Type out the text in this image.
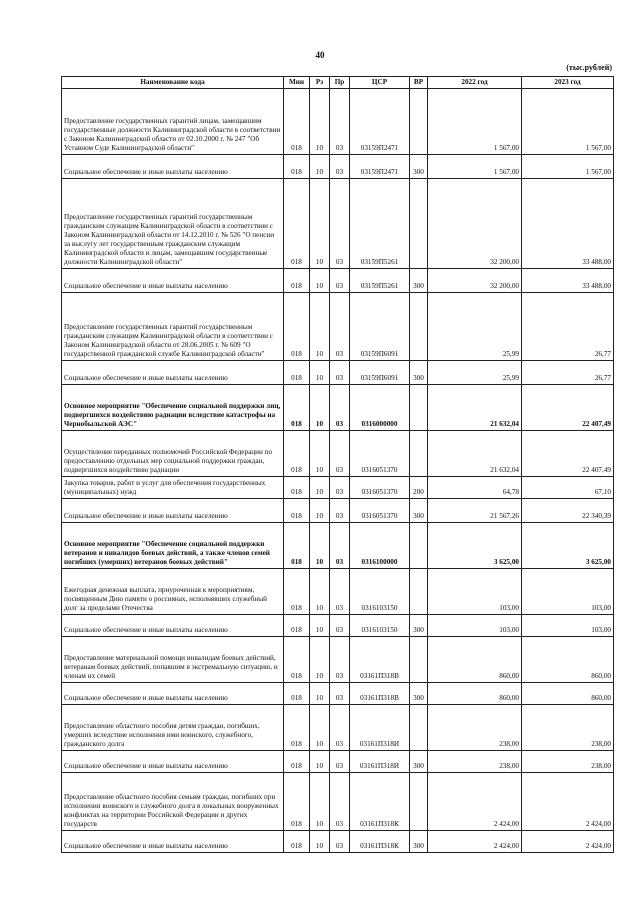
40
(тыс.рублей)
Наименование кода	Мин	Рз	Пр	ЦСР	ВР	2022 год	2023 год
Предоставление государственных гарантий лицам, замещавшим государственные должности Калининградской области в соответствии с Законом Калининградской области от 02.10.2000 г. № 247 "Об Уставном Суде Калининградской области"	018	10	03	03159П2471		1 567,00	1 567,00
Социальное обеспечение и иные выплаты населению	018	10	03	03159П2471	300	1 567,00	1 567,00
Предоставление государственных гарантий государственным гражданским служащим Калининградской области в соответствии с Законом Калининградской области от 14.12.2010 г. № 526 "О пенсии за выслугу лет государственным гражданским служащим Калининградской области и лицам, замещавшим государственные должности Калининградской области"	018	10	03	03159П5261		32 200,00	33 488,00
Социальное обеспечение и иные выплаты населению	018	10	03	03159П5261	300	32 200,00	33 488,00
Предоставление государственных гарантий государственным гражданским служащим Калининградской области в соответствии с Законом Калининградской области от 28.06.2005 г. № 609 "О государственной гражданской службе Калининградской области"	018	10	03	03159П6091		25,99	26,77
Социальное обеспечение и иные выплаты населению	018	10	03	03159П6091	300	25,99	26,77
Основное мероприятие "Обеспечение социальной поддержки лиц, подвергшихся воздействию радиации вследствие катастрофы на Чернобыльской АЭС"	018	10	03	0316000000		21 632,04	22 407,49
Осуществление переданных полномочий Российской Федерации по предоставлению отдельных мер социальной поддержки граждан, подвергшихся воздействию радиации	018	10	03	0316051370		21 632,04	22 407,49
Закупка товаров, работ и услуг для обеспечения государственных (муниципальных) нужд	018	10	03	0316051370	200	64,78	67,10
Социальное обеспечение и иные выплаты населению	018	10	03	0316051370	300	21 567,26	22 340,39
Основное мероприятие "Обеспечение социальной поддержки ветеранов и инвалидов боевых действий, а также членов семей погибших (умерших) ветеранов боевых действий"	018	10	03	0316100000		3 625,00	3 625,00
Ежегодная денежная выплата, приуроченная к мероприятиям, посвященным Дню памяти о россиянах, исполнявших служебный долг за пределами Отечества	018	10	03	0316103150		103,00	103,00
Социальное обеспечение и иные выплаты населению	018	10	03	0316103150	300	103,00	103,00
Предоставление материальной помощи инвалидам боевых действий, ветеранам боевых действий, попавшим в экстремальную ситуацию, и членам их семей	018	10	03	03161П318В		860,00	860,00
Социальное обеспечение и иные выплаты населению	018	10	03	03161П318В	300	860,00	860,00
Предоставление областного пособия детям граждан, погибших, умерших вследствие исполнения ими воинского, служебного, гражданского долга	018	10	03	03161П318И		238,00	238,00
Социальное обеспечение и иные выплаты населению	018	10	03	03161П318И	300	238,00	238,00
Предоставление областного пособия семьям граждан, погибших при исполнении воинского и служебного долга в локальных вооруженных конфликтах на территории Российской Федерации и других государств	018	10	03	03161П318К		2 424,00	2 424,00
Социальное обеспечение и иные выплаты населению	018	10	03	03161П318К	300	2 424,00	2 424,00
